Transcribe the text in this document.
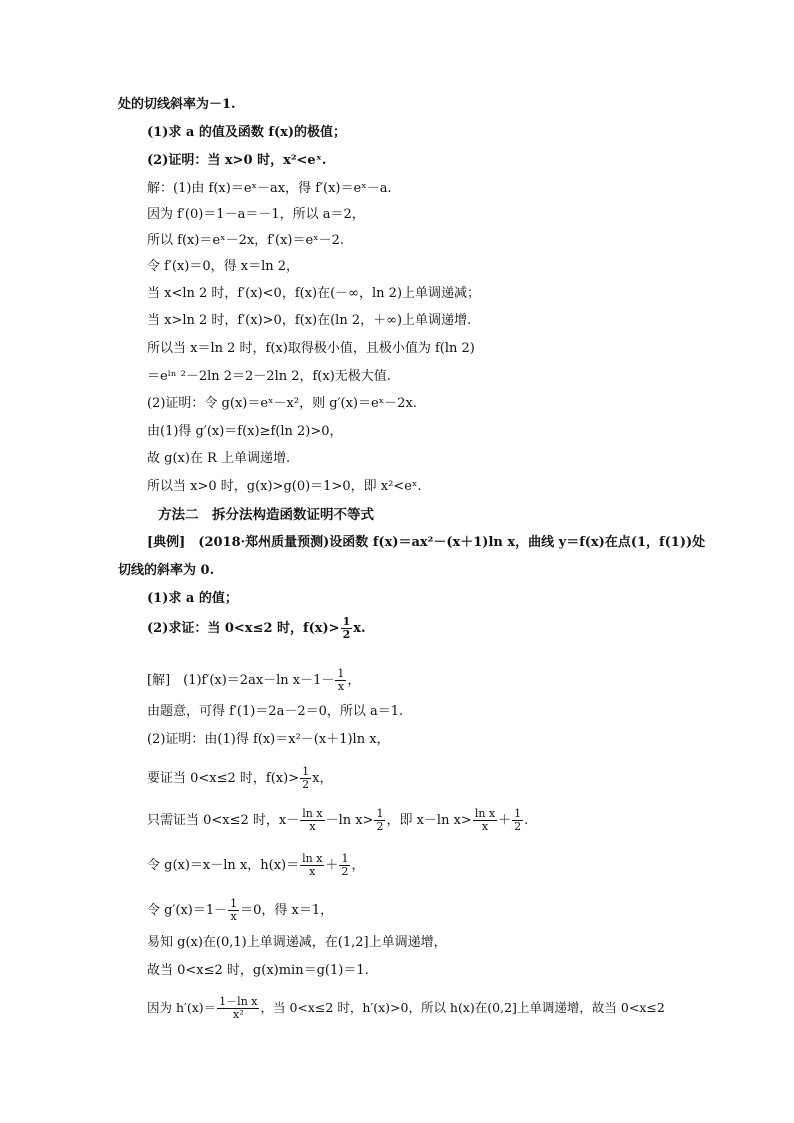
处的切线斜率为－1.
(1)求 a 的值及函数 f(x)的极值；
(2)证明：当 x>0 时，x²<eˣ.
解：(1)由 f(x)＝eˣ－ax，得 f′(x)＝eˣ－a.
因为 f′(0)＝1－a＝－1，所以 a＝2，
所以 f(x)＝eˣ－2x，f′(x)＝eˣ－2.
令 f′(x)＝0，得 x＝ln 2，
当 x<ln 2 时，f′(x)<0，f(x)在(－∞，ln 2)上单调递减；
当 x>ln 2 时，f′(x)>0，f(x)在(ln 2，＋∞)上单调递增.
所以当 x＝ln 2 时，f(x)取得极小值，且极小值为 f(ln 2)
＝eˡⁿ ²－2ln 2＝2－2ln 2，f(x)无极大值.
(2)证明：令 g(x)＝eˣ－x²，则 g′(x)＝eˣ－2x.
由(1)得 g′(x)＝f(x)≥f(ln 2)>0，
故 g(x)在 R 上单调递增.
所以当 x>0 时，g(x)>g(0)＝1>0，即 x²<eˣ.
方法二　拆分法构造函数证明不等式
[典例]　(2018·郑州质量预测)设函数 f(x)＝ax²－(x＋1)ln x，曲线 y＝f(x)在点(1，f(1))处
切线的斜率为 0.
(1)求 a 的值；
(2)求证：当 0<x≤2 时，$f(x)> \frac{1}{2} x$.
[解]　(1)f′(x)＝2ax－ln $x-1- \frac{1}{x}$ ，
由题意，可得 f′(1)＝2a－2＝0，所以 a＝1.
(2)证明：由(1)得 f(x)＝x²－(x＋1)ln x，
要证当 0<x≤2 时，$f(x)> \frac{1}{2}$ x，
只需证当 0<x≤2 时，$x- \frac{\text{ln x}}{x} -\ln$ $x> \frac{1}{2}$ ，即 x－ln $x> \frac{\text{ln x}}{x} + \frac{1}{2}$ .
令 g(x)＝x－ln x，$h(x)= \frac{\text{ln x}}{x} + \frac{1}{2}$ ，
令 $g'(x)=1- \frac{1}{x} =0$，得 x＝1，
易知 g(x)在(0,1)上单调递减，在(1,2]上单调递增，
故当 0<x≤2 时，g(x)min＝g(1)＝1.
因为 $h'(x)= \frac{\text{1－ln x}}{\text{x²}}$ ，当 0<x≤2 时，h′(x)>0，所以 h(x)在(0,2]上单调递增，故当 0<x≤2
